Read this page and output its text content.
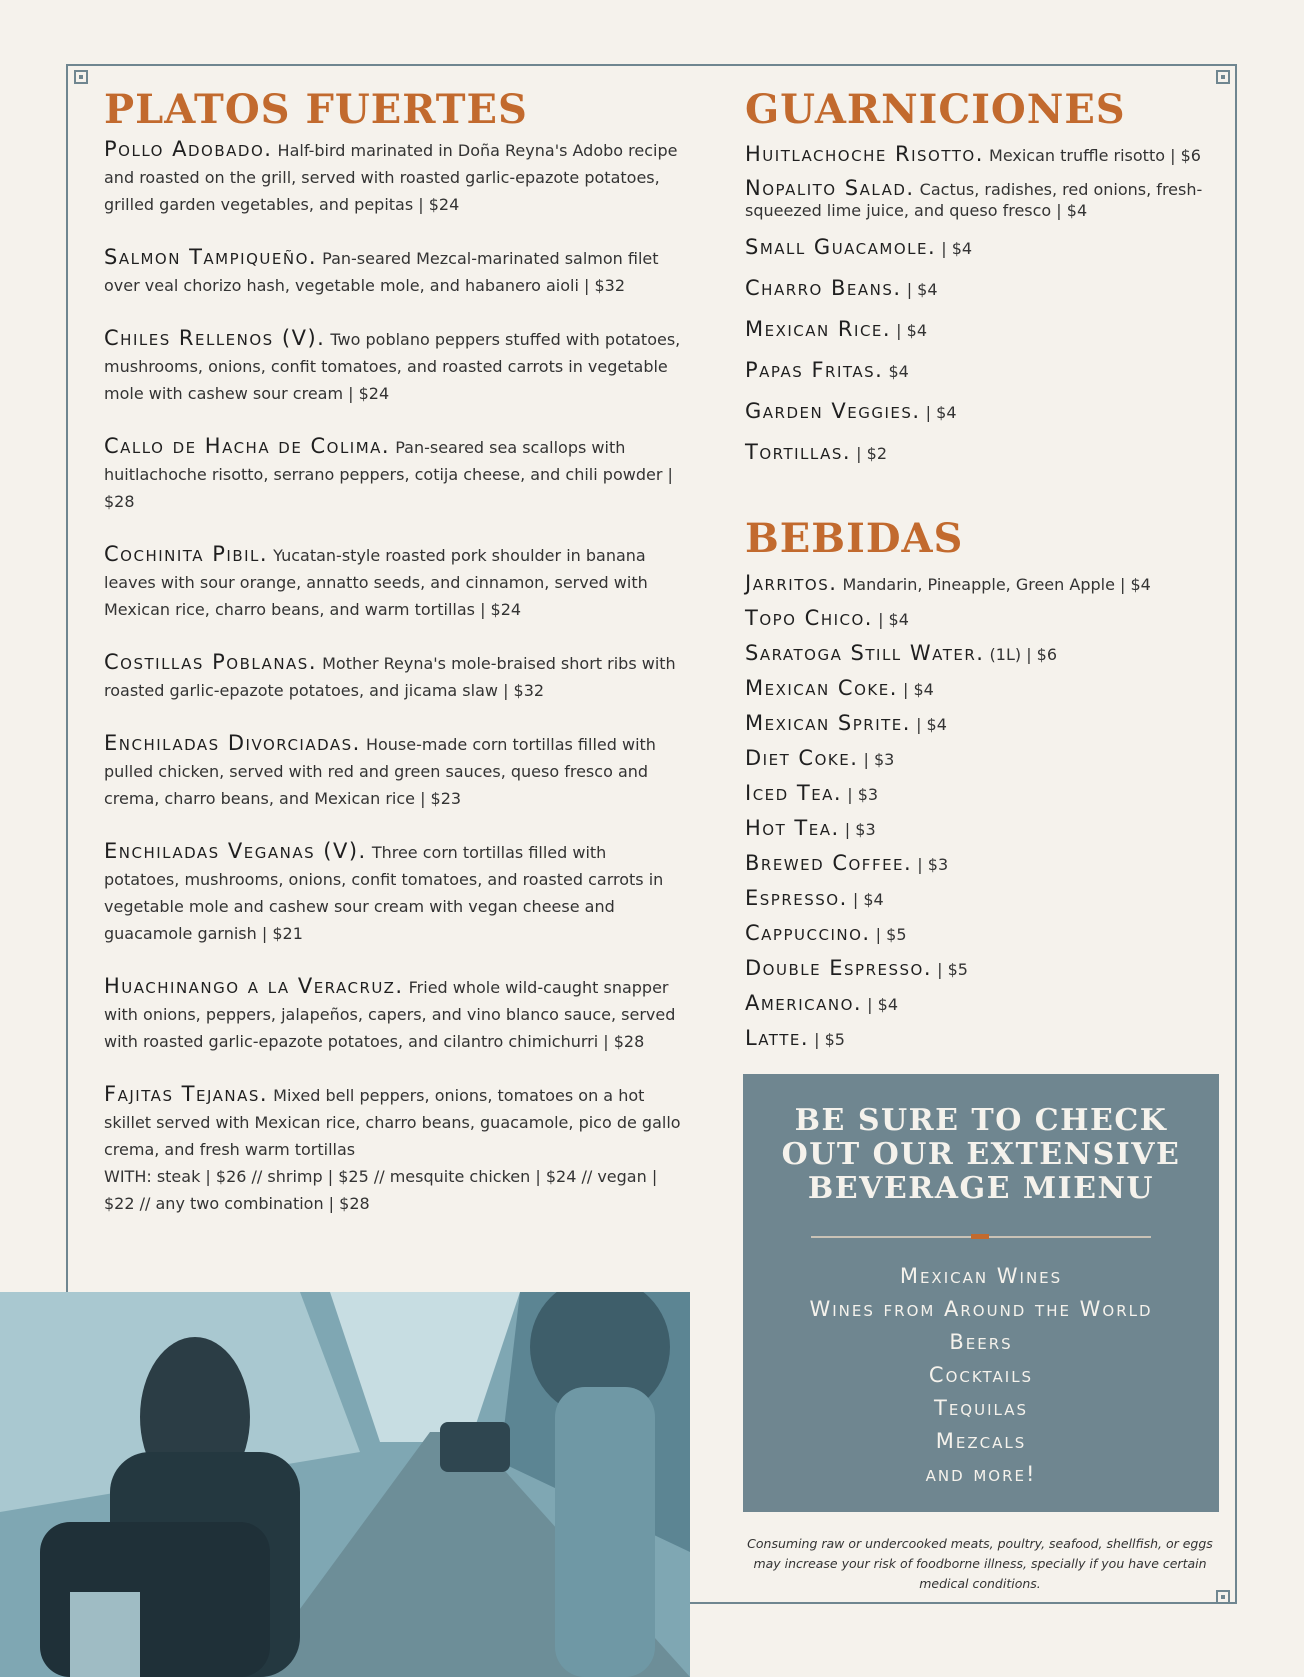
PLATOS FUERTES
Pollo Adobado. Half-bird marinated in Doña Reyna's Adobo recipe and roasted on the grill, served with roasted garlic-epazote potatoes, grilled garden vegetables, and pepitas | $24
Salmon Tampiqueño. Pan-seared Mezcal-marinated salmon filet over veal chorizo hash, vegetable mole, and habanero aioli | $32
Chiles Rellenos (V). Two poblano peppers stuffed with potatoes, mushrooms, onions, confit tomatoes, and roasted carrots in vegetable mole with cashew sour cream | $24
Callo de Hacha de Colima. Pan-seared sea scallops with huitlachoche risotto, serrano peppers, cotija cheese, and chili powder | $28
Cochinita Pibil. Yucatan-style roasted pork shoulder in banana leaves with sour orange, annatto seeds, and cinnamon, served with Mexican rice, charro beans, and warm tortillas | $24
Costillas Poblanas. Mother Reyna's mole-braised short ribs with roasted garlic-epazote potatoes, and jicama slaw | $32
Enchiladas Divorciadas. House-made corn tortillas filled with pulled chicken, served with red and green sauces, queso fresco and crema, charro beans, and Mexican rice | $23
Enchiladas Veganas (V). Three corn tortillas filled with potatoes, mushrooms, onions, confit tomatoes, and roasted carrots in vegetable mole and cashew sour cream with vegan cheese and guacamole garnish | $21
Huachinango a la Veracruz. Fried whole wild-caught snapper with onions, peppers, jalapeños, capers, and vino blanco sauce, served with roasted garlic-epazote potatoes, and cilantro chimichurri | $28
Fajitas Tejanas. Mixed bell peppers, onions, tomatoes on a hot skillet served with Mexican rice, charro beans, guacamole, pico de gallo crema, and fresh warm tortillas
WITH: steak | $26 // shrimp | $25 // mesquite chicken | $24 // vegan | $22 // any two combination | $28
GUARNICIONES
Huitlachoche Risotto. Mexican truffle risotto | $6
Nopalito Salad. Cactus, radishes, red onions, fresh-squeezed lime juice, and queso fresco | $4
Small Guacamole. | $4
Charro Beans. | $4
Mexican Rice. | $4
Papas Fritas. $4
Garden Veggies. | $4
Tortillas. | $2
BEBIDAS
Jarritos. Mandarin, Pineapple, Green Apple | $4
Topo Chico. | $4
Saratoga Still Water. (1L) | $6
Mexican Coke. | $4
Mexican Sprite. | $4
Diet Coke. | $3
Iced Tea. | $3
Hot Tea. | $3
Brewed Coffee. | $3
Espresso. | $4
Cappuccino. | $5
Double Espresso. | $5
Americano. | $4
Latte. | $5
BE SURE TO CHECK
OUT OUR EXTENSIVE
BEVERAGE MIENU
Mexican Wines
Wines from Around the World
Beers
Cocktails
Tequilas
Mezcals
and more!
Consuming raw or undercooked meats, poultry, seafood, shellfish, or eggs may increase your risk of foodborne illness, specially if you have certain medical conditions.
